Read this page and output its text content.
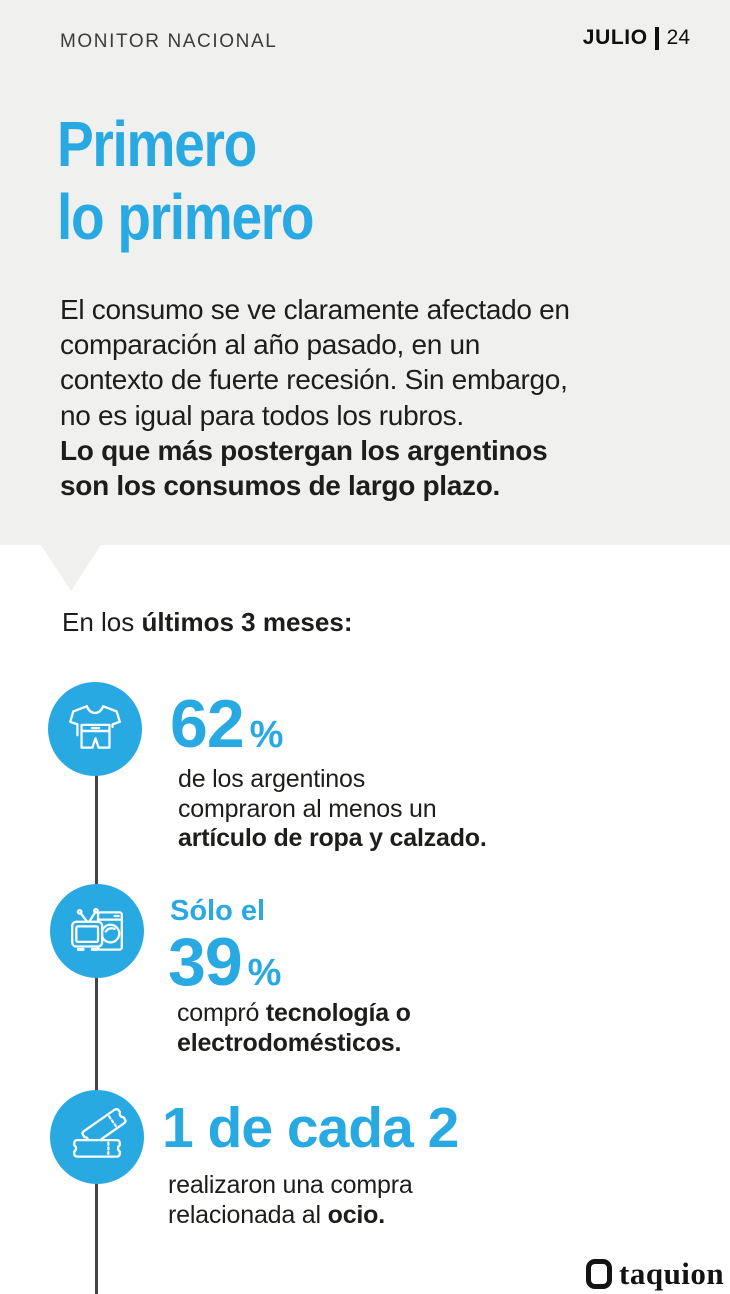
MONITOR NACIONAL	JULIO 24
Primero
lo primero
El consumo se ve claramente afectado en
comparación al año pasado, en un
contexto de fuerte recesión. Sin embargo,
no es igual para todos los rubros.
Lo que más postergan los argentinos
son los consumos de largo plazo.
En los últimos 3 meses:
62 %
de los argentinos
compraron al menos un
artículo de ropa y calzado.
Sólo el
39 %
compró tecnología o
electrodomésticos.
1 de cada 2
realizaron una compra
relacionada al ocio.
taquion
